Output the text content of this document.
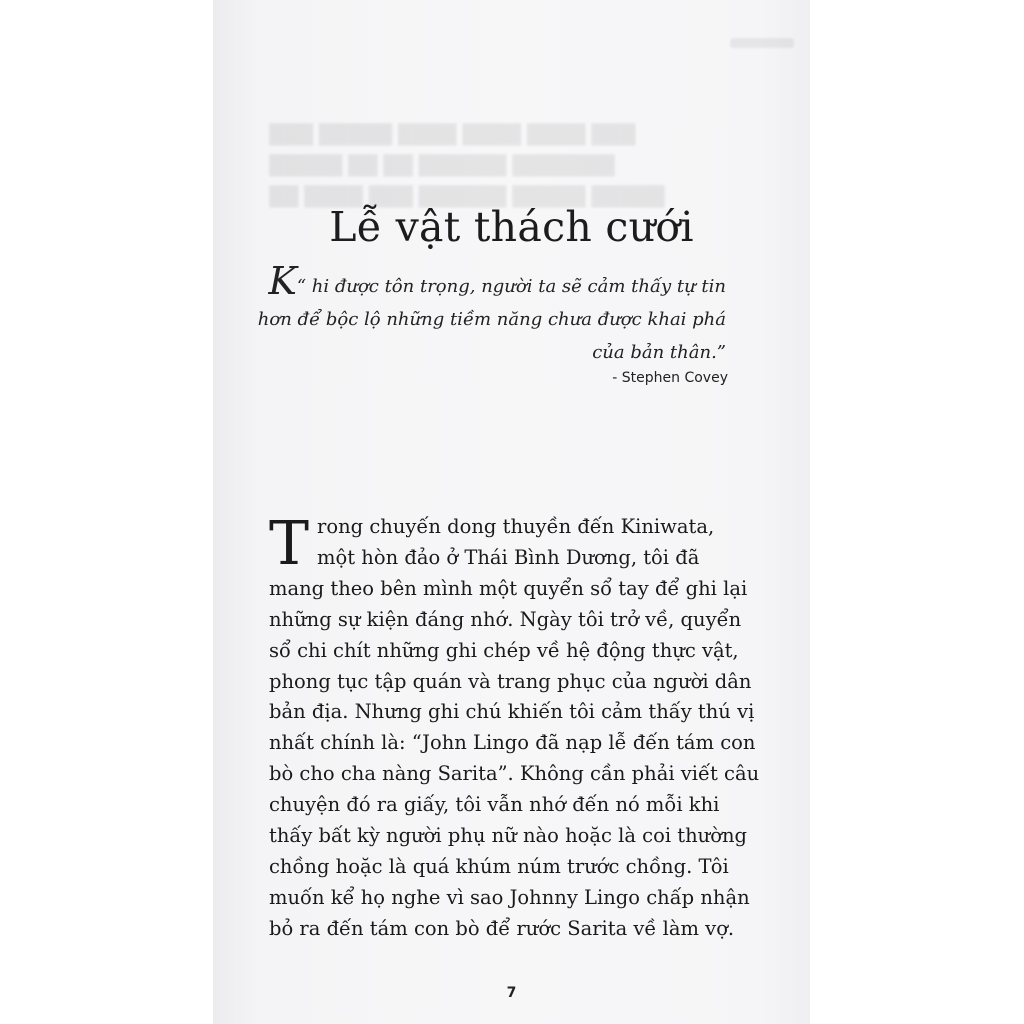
███ █████ ████ ████ ████ ███
█████ ██ ██ ██████ ███████
██ ████ ███ ██████ █████ █████
Lễ vật thách cưới
K“ hi được tôn trọng, người ta sẽ cảm thấy tự tin
hơn để bộc lộ những tiềm năng chưa được khai phá
của bản thân.”
- Stephen Covey
T rong chuyến dong thuyền đến Kiniwata,
một hòn đảo ở Thái Bình Dương, tôi đã
mang theo bên mình một quyển sổ tay để ghi lại
những sự kiện đáng nhớ. Ngày tôi trở về, quyển
sổ chi chít những ghi chép về hệ động thực vật,
phong tục tập quán và trang phục của người dân
bản địa. Nhưng ghi chú khiến tôi cảm thấy thú vị
nhất chính là: “John Lingo đã nạp lễ đến tám con
bò cho cha nàng Sarita”. Không cần phải viết câu
chuyện đó ra giấy, tôi vẫn nhớ đến nó mỗi khi
thấy bất kỳ người phụ nữ nào hoặc là coi thường
chồng hoặc là quá khúm núm trước chồng. Tôi
muốn kể họ nghe vì sao Johnny Lingo chấp nhận
bỏ ra đến tám con bò để rước Sarita về làm vợ.
7
